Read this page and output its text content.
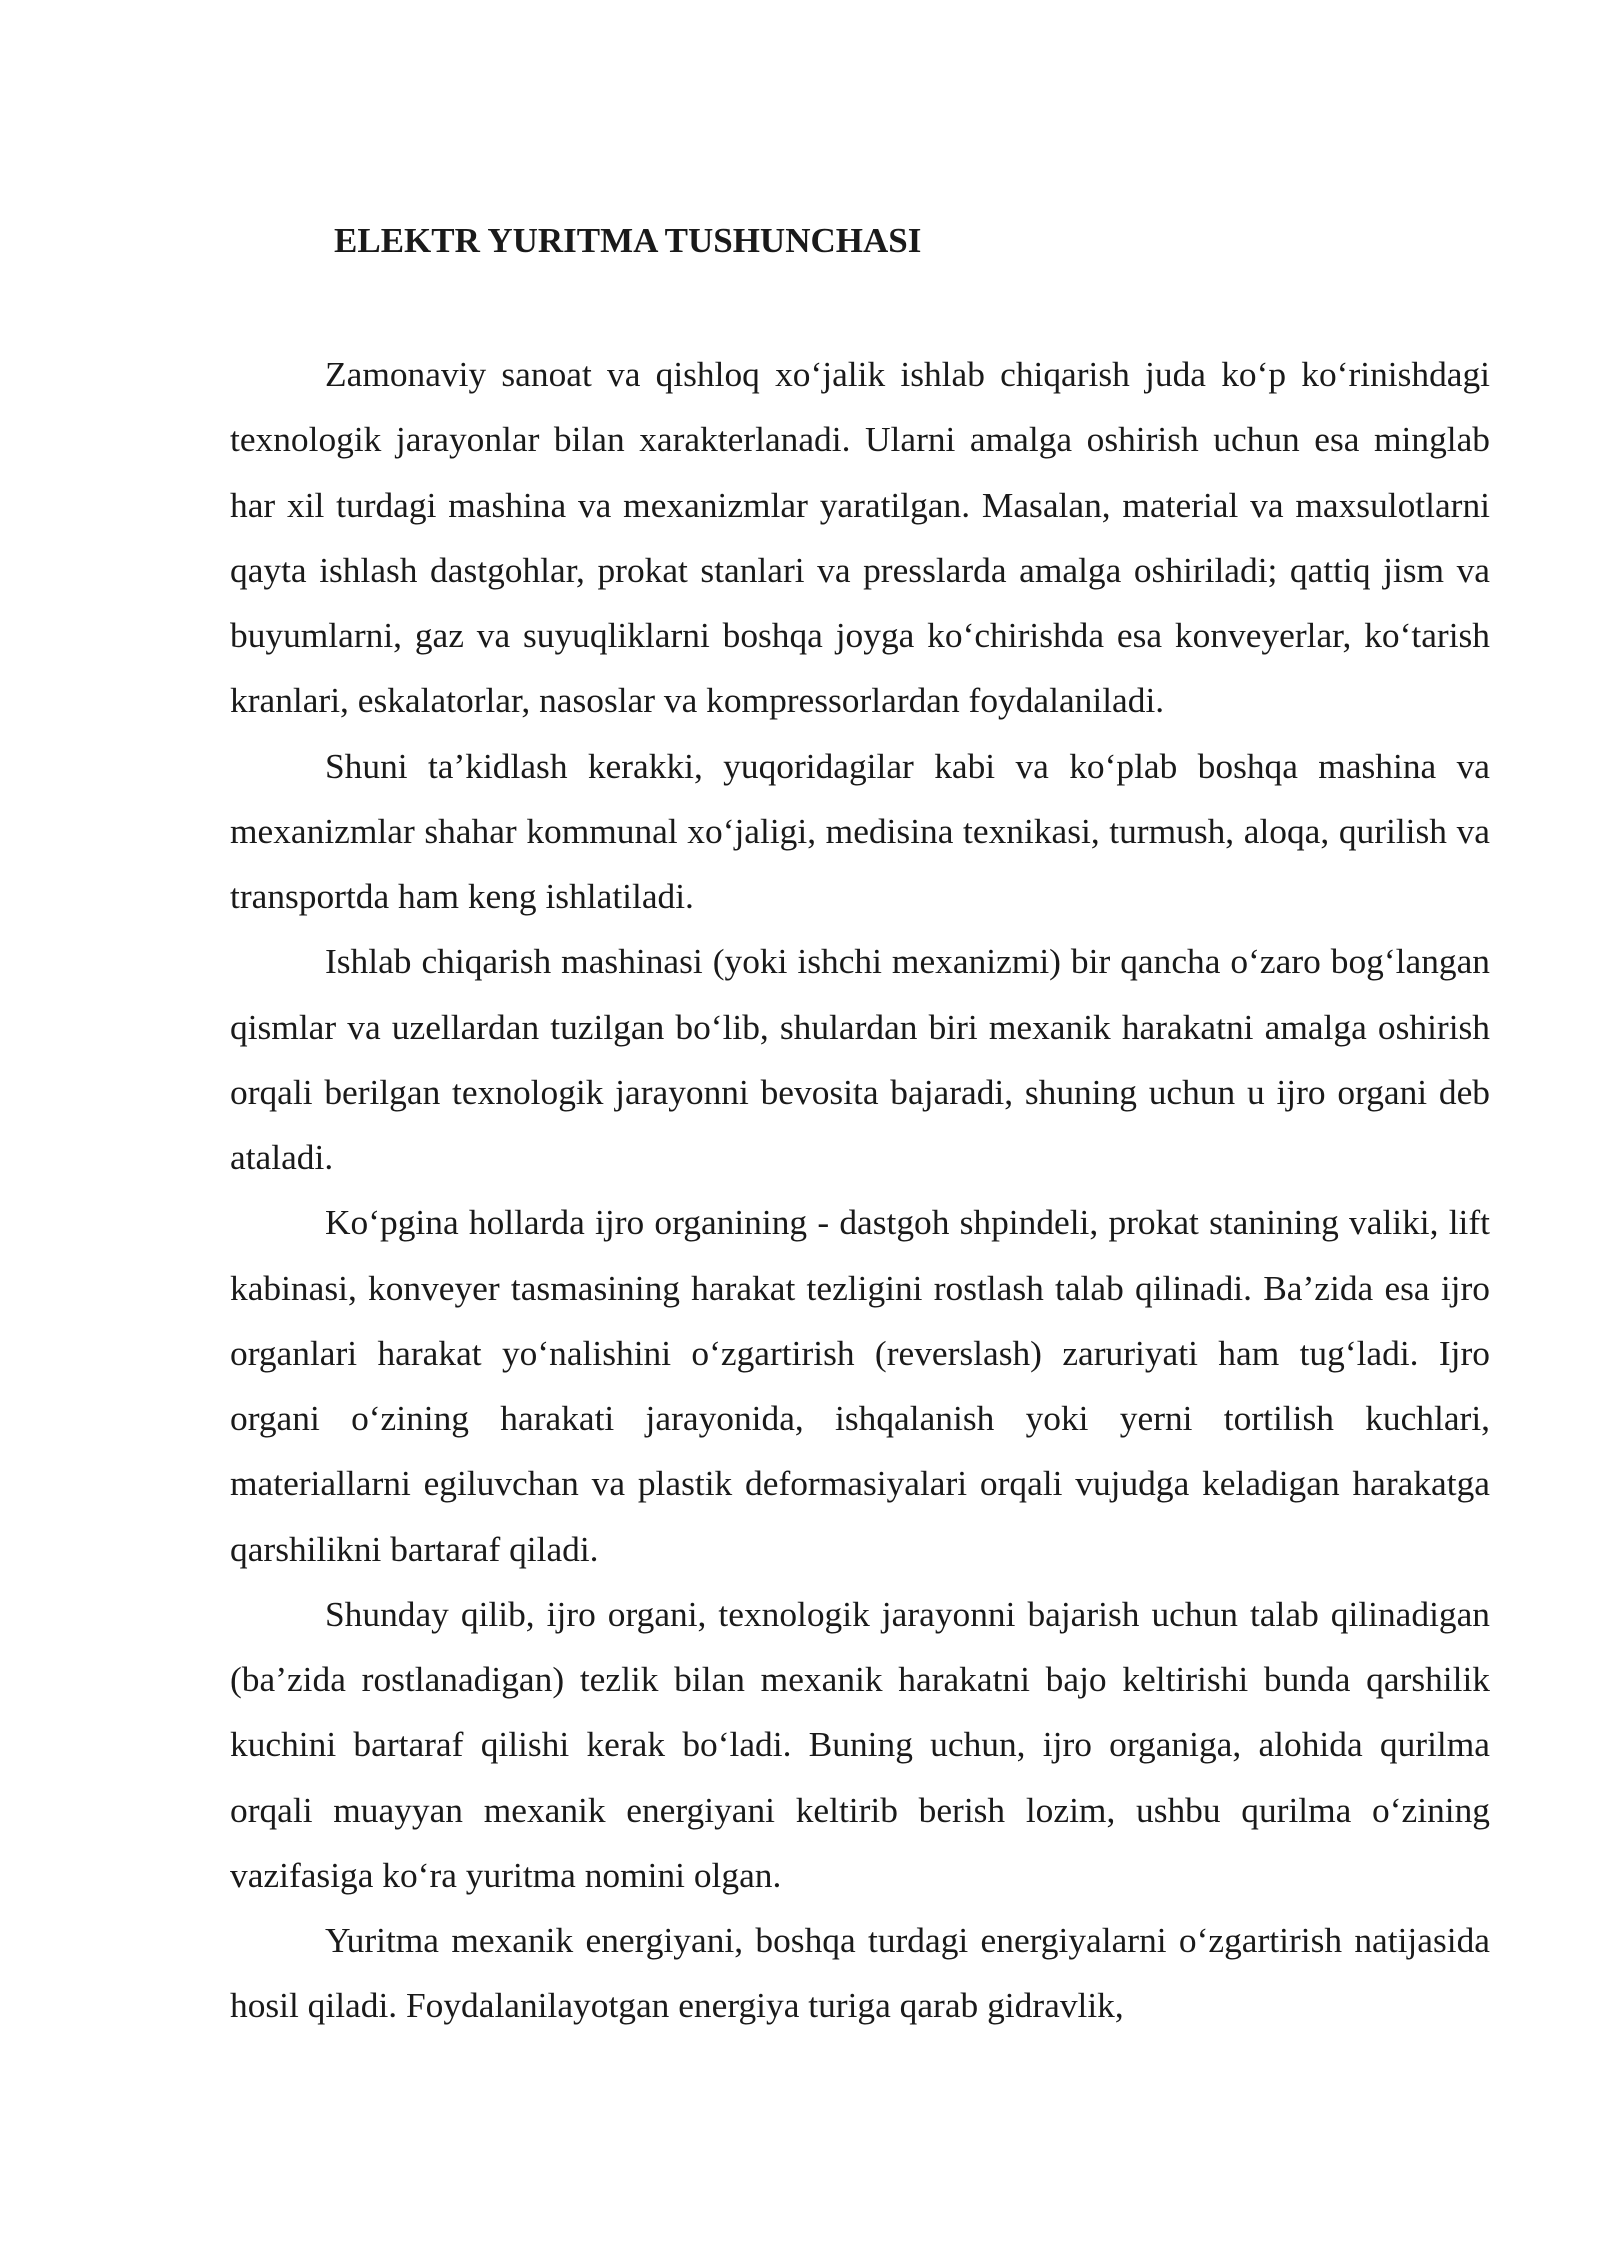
ELEKTR YURITMA TUSHUNCHASI

Zamonaviy sanoat va qishloq xo‘jalik ishlab chiqarish juda ko‘p ko‘rinishdagi texnologik jarayonlar bilan xarakterlanadi. Ularni amalga oshirish uchun esa minglab har xil turdagi mashina va mexanizmlar yaratilgan. Masalan, material va maxsulotlarni qayta ishlash dastgohlar, prokat stanlari va presslarda amalga oshiriladi; qattiq jism va buyumlarni, gaz va suyuqliklarni boshqa joyga ko‘chirishda esa konveyerlar, ko‘tarish kranlari, eskalatorlar, nasoslar va kompressorlardan foydalaniladi.

Shuni ta’kidlash kerakki, yuqoridagilar kabi va ko‘plab boshqa mashina va mexanizmlar shahar kommunal xo‘jaligi, medisina texnikasi, turmush, aloqa, qurilish va transportda ham keng ishlatiladi.

Ishlab chiqarish mashinasi (yoki ishchi mexanizmi) bir qancha o‘zaro bog‘langan qismlar va uzellardan tuzilgan bo‘lib, shulardan biri mexanik harakatni amalga oshirish orqali berilgan texnologik jarayonni bevosita bajaradi, shuning uchun u ijro organi deb ataladi.

Ko‘pgina hollarda ijro organining - dastgoh shpindeli, prokat stanining valiki, lift kabinasi, konveyer tasmasining harakat tezligini rostlash talab qilinadi. Ba’zida esa ijro organlari harakat yo‘nalishini o‘zgartirish (reverslash) zaruriyati ham tug‘ladi. Ijro organi o‘zining harakati jarayonida, ishqalanish yoki yerni tortilish kuchlari, materiallarni egiluvchan va plastik deformasiyalari orqali vujudga keladigan harakatga qarshilikni bartaraf qiladi.

Shunday qilib, ijro organi, texnologik jarayonni bajarish uchun talab qilinadigan (ba’zida rostlanadigan) tezlik bilan mexanik harakatni bajo keltirishi bunda qarshilik kuchini bartaraf qilishi kerak bo‘ladi. Buning uchun, ijro organiga, alohida qurilma orqali muayyan mexanik energiyani keltirib berish lozim, ushbu qurilma o‘zining vazifasiga ko‘ra yuritma nomini olgan.

Yuritma mexanik energiyani, boshqa turdagi energiyalarni o‘zgartirish natijasida hosil qiladi. Foydalanilayotgan energiya turiga qarab gidravlik,
